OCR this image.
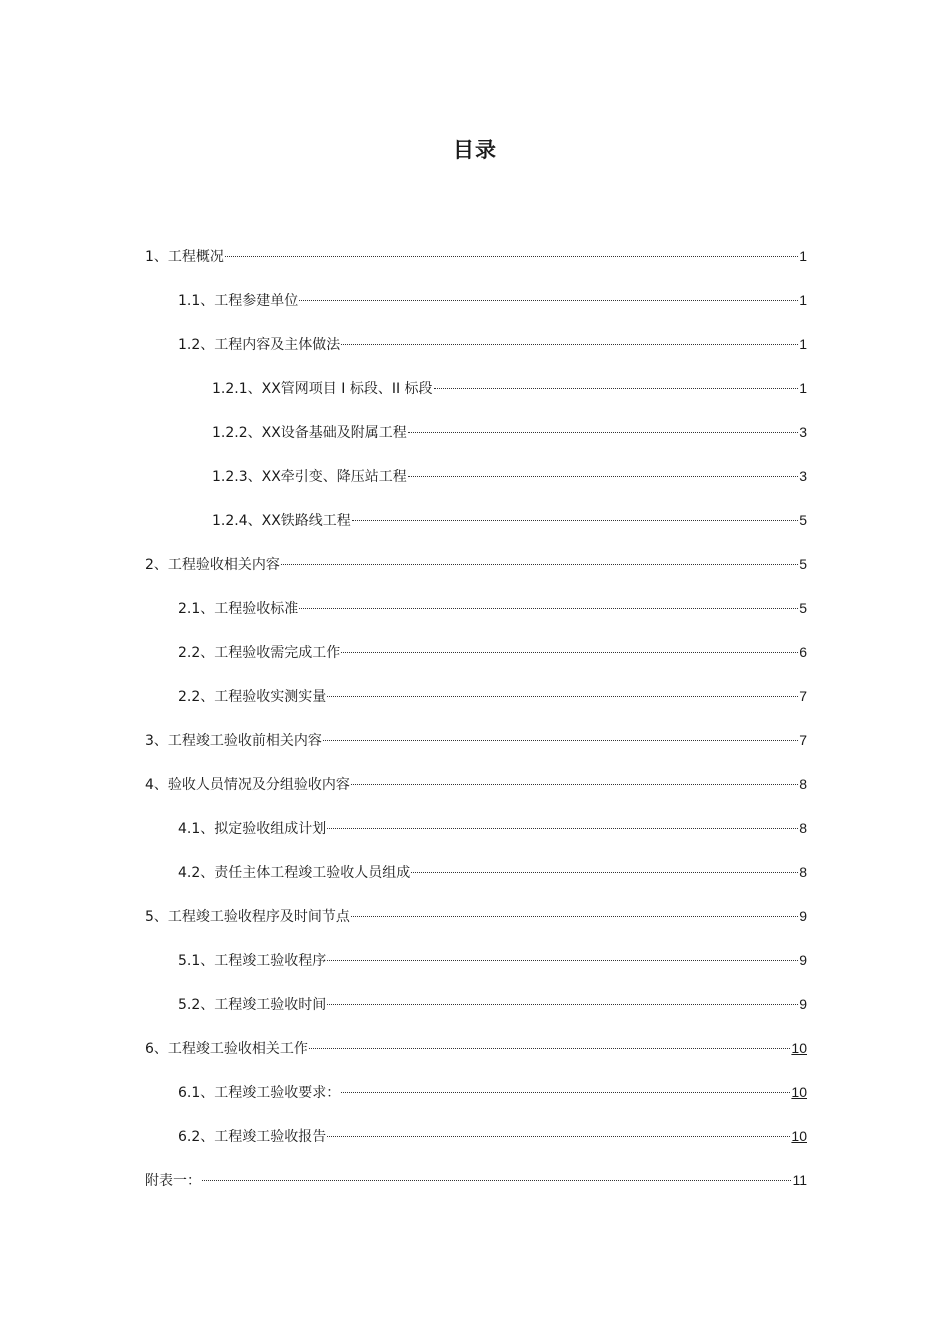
目录
1、工程概况	1
1.1、工程参建单位	1
1.2、工程内容及主体做法	1
1.2.1、XX管网项目 I 标段、II 标段	1
1.2.2、XX设备基础及附属工程	3
1.2.3、XX牵引变、降压站工程	3
1.2.4、XX铁路线工程	5
2、工程验收相关内容	5
2.1、工程验收标准	5
2.2、工程验收需完成工作	6
2.2、工程验收实测实量	7
3、工程竣工验收前相关内容	7
4、验收人员情况及分组验收内容	8
4.1、拟定验收组成计划	8
4.2、责任主体工程竣工验收人员组成	8
5、工程竣工验收程序及时间节点	9
5.1、工程竣工验收程序	9
5.2、工程竣工验收时间	9
6、工程竣工验收相关工作	10
6.1、工程竣工验收要求：	10
6.2、工程竣工验收报告	10
附表一：	11
